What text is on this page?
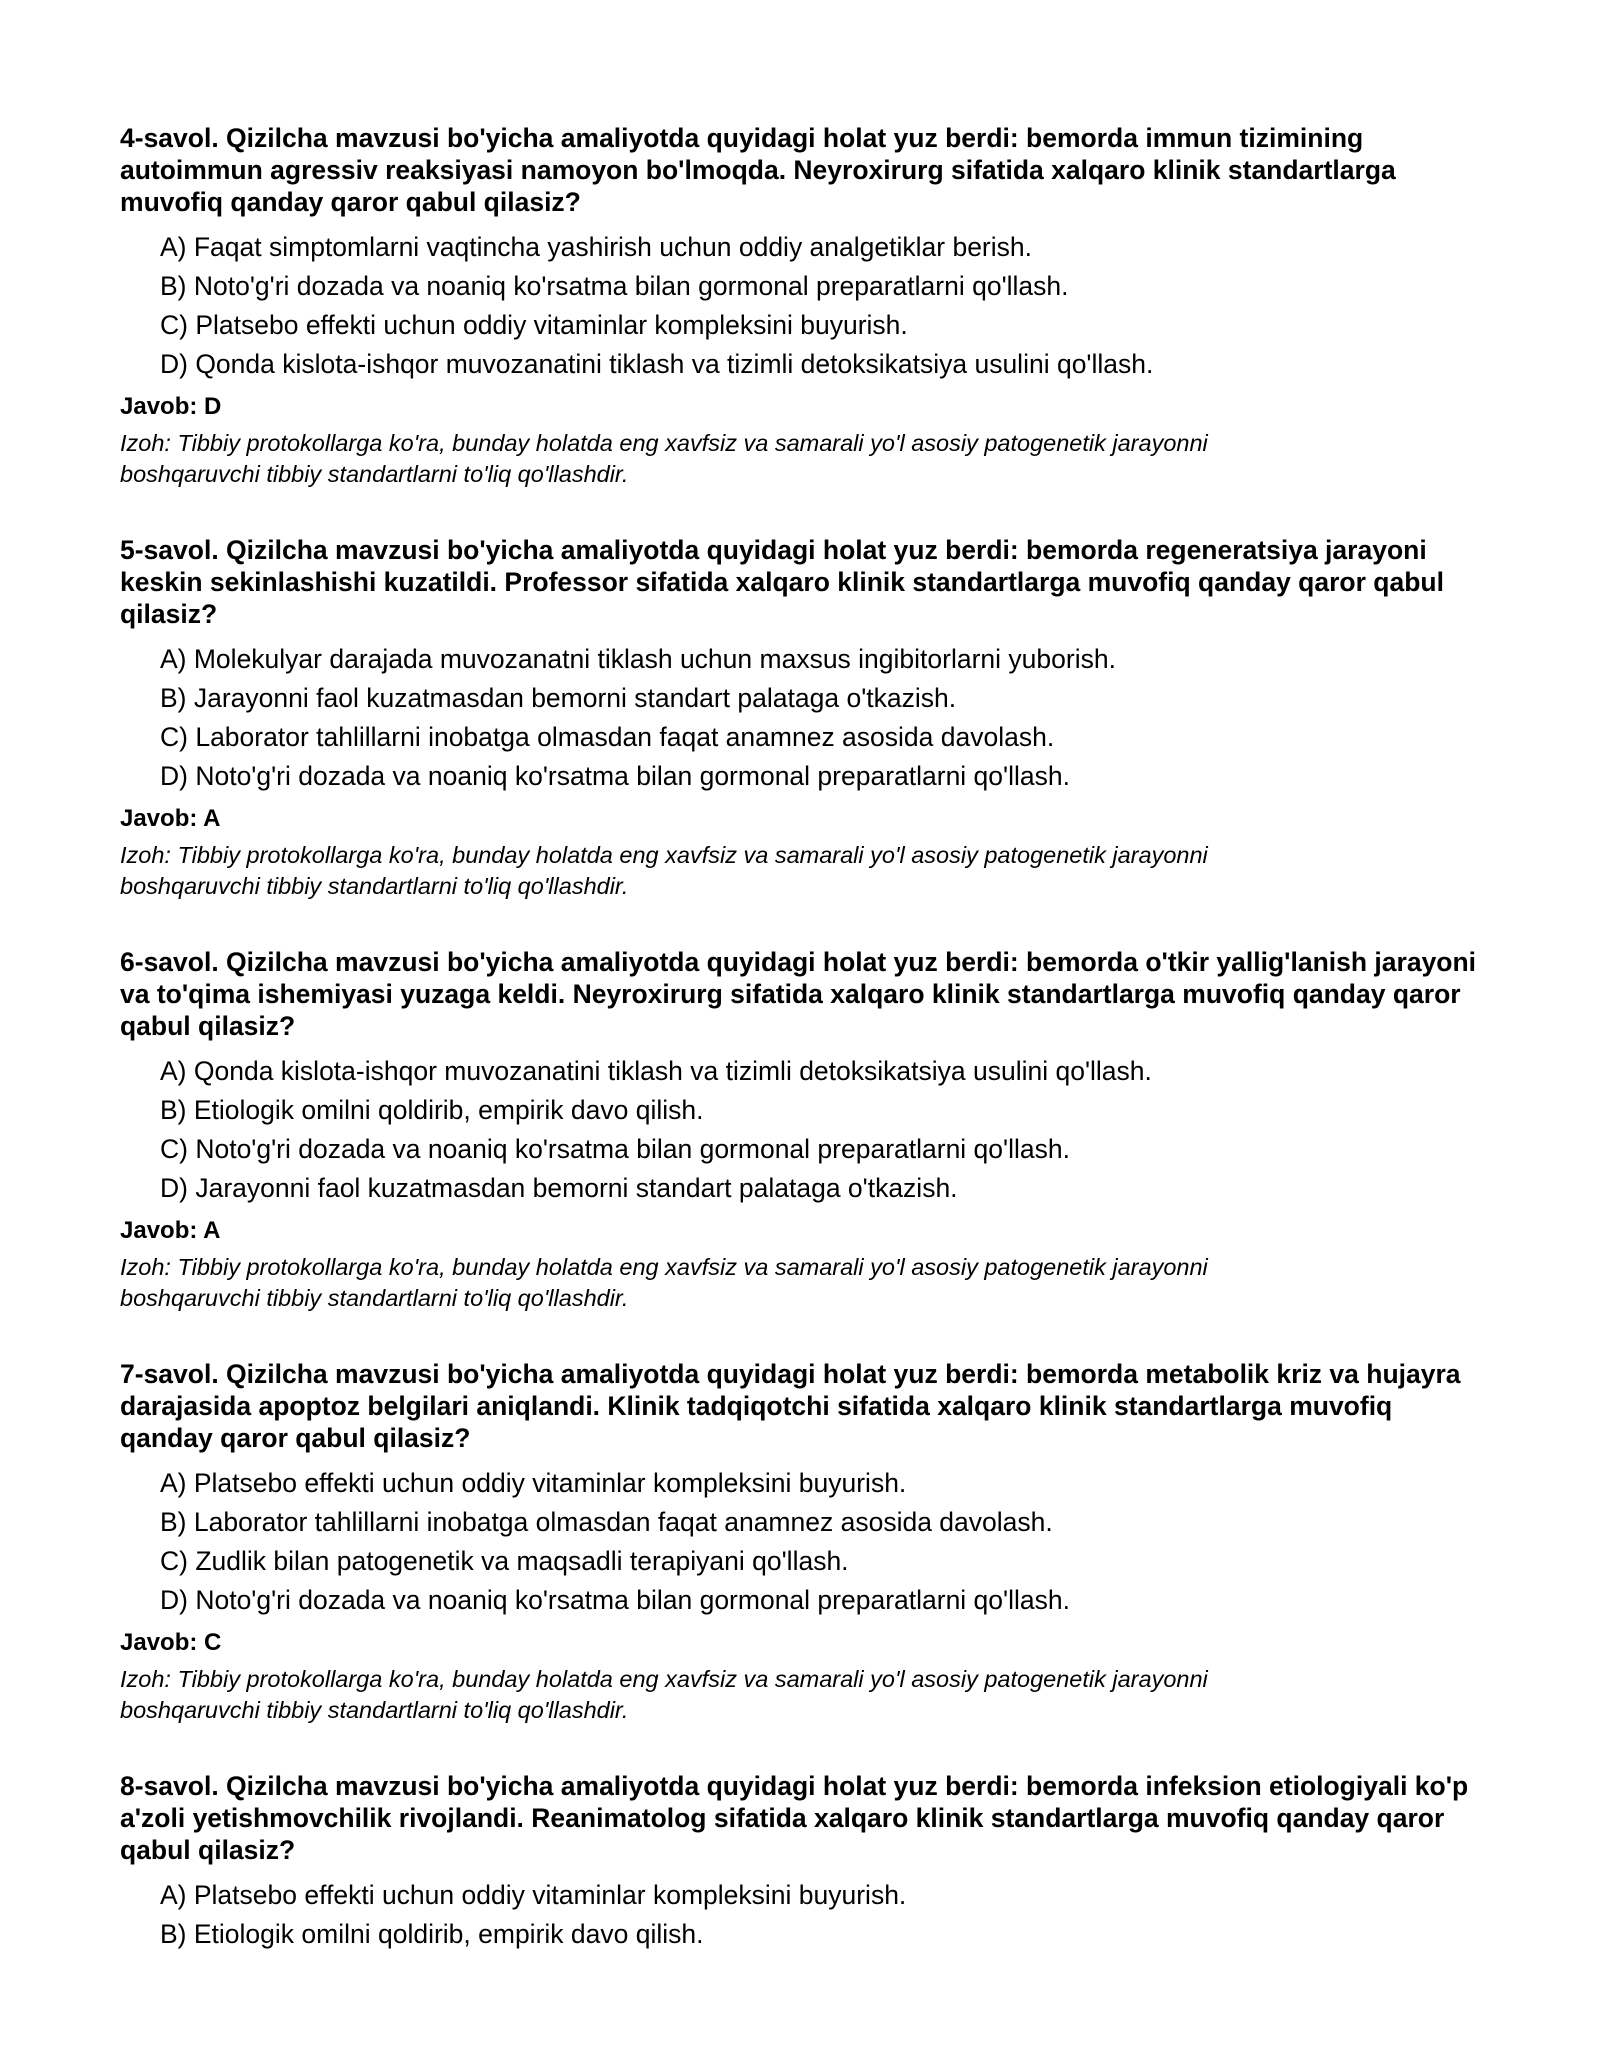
4-savol. Qizilcha mavzusi bo'yicha amaliyotda quyidagi holat yuz berdi: bemorda immun tizimining autoimmun agressiv reaksiyasi namoyon bo'lmoqda. Neyroxirurg sifatida xalqaro klinik standartlarga muvofiq qanday qaror qabul qilasiz?
A) Faqat simptomlarni vaqtincha yashirish uchun oddiy analgetiklar berish.
B) Noto'g'ri dozada va noaniq ko'rsatma bilan gormonal preparatlarni qo'llash.
C) Platsebo effekti uchun oddiy vitaminlar kompleksini buyurish.
D) Qonda kislota-ishqor muvozanatini tiklash va tizimli detoksikatsiya usulini qo'llash.
Javob: D
Izoh: Tibbiy protokollarga ko'ra, bunday holatda eng xavfsiz va samarali yo'l asosiy patogenetik jarayonni
boshqaruvchi tibbiy standartlarni to'liq qo'llashdir.
5-savol. Qizilcha mavzusi bo'yicha amaliyotda quyidagi holat yuz berdi: bemorda regeneratsiya jarayoni keskin sekinlashishi kuzatildi. Professor sifatida xalqaro klinik standartlarga muvofiq qanday qaror qabul qilasiz?
A) Molekulyar darajada muvozanatni tiklash uchun maxsus ingibitorlarni yuborish.
B) Jarayonni faol kuzatmasdan bemorni standart palataga o'tkazish.
C) Laborator tahlillarni inobatga olmasdan faqat anamnez asosida davolash.
D) Noto'g'ri dozada va noaniq ko'rsatma bilan gormonal preparatlarni qo'llash.
Javob: A
Izoh: Tibbiy protokollarga ko'ra, bunday holatda eng xavfsiz va samarali yo'l asosiy patogenetik jarayonni
boshqaruvchi tibbiy standartlarni to'liq qo'llashdir.
6-savol. Qizilcha mavzusi bo'yicha amaliyotda quyidagi holat yuz berdi: bemorda o'tkir yallig'lanish jarayoni va to'qima ishemiyasi yuzaga keldi. Neyroxirurg sifatida xalqaro klinik standartlarga muvofiq qanday qaror qabul qilasiz?
A) Qonda kislota-ishqor muvozanatini tiklash va tizimli detoksikatsiya usulini qo'llash.
B) Etiologik omilni qoldirib, empirik davo qilish.
C) Noto'g'ri dozada va noaniq ko'rsatma bilan gormonal preparatlarni qo'llash.
D) Jarayonni faol kuzatmasdan bemorni standart palataga o'tkazish.
Javob: A
Izoh: Tibbiy protokollarga ko'ra, bunday holatda eng xavfsiz va samarali yo'l asosiy patogenetik jarayonni
boshqaruvchi tibbiy standartlarni to'liq qo'llashdir.
7-savol. Qizilcha mavzusi bo'yicha amaliyotda quyidagi holat yuz berdi: bemorda metabolik kriz va hujayra darajasida apoptoz belgilari aniqlandi. Klinik tadqiqotchi sifatida xalqaro klinik standartlarga muvofiq qanday qaror qabul qilasiz?
A) Platsebo effekti uchun oddiy vitaminlar kompleksini buyurish.
B) Laborator tahlillarni inobatga olmasdan faqat anamnez asosida davolash.
C) Zudlik bilan patogenetik va maqsadli terapiyani qo'llash.
D) Noto'g'ri dozada va noaniq ko'rsatma bilan gormonal preparatlarni qo'llash.
Javob: C
Izoh: Tibbiy protokollarga ko'ra, bunday holatda eng xavfsiz va samarali yo'l asosiy patogenetik jarayonni
boshqaruvchi tibbiy standartlarni to'liq qo'llashdir.
8-savol. Qizilcha mavzusi bo'yicha amaliyotda quyidagi holat yuz berdi: bemorda infeksion etiologiyali ko'p a'zoli yetishmovchilik rivojlandi. Reanimatolog sifatida xalqaro klinik standartlarga muvofiq qanday qaror qabul qilasiz?
A) Platsebo effekti uchun oddiy vitaminlar kompleksini buyurish.
B) Etiologik omilni qoldirib, empirik davo qilish.
